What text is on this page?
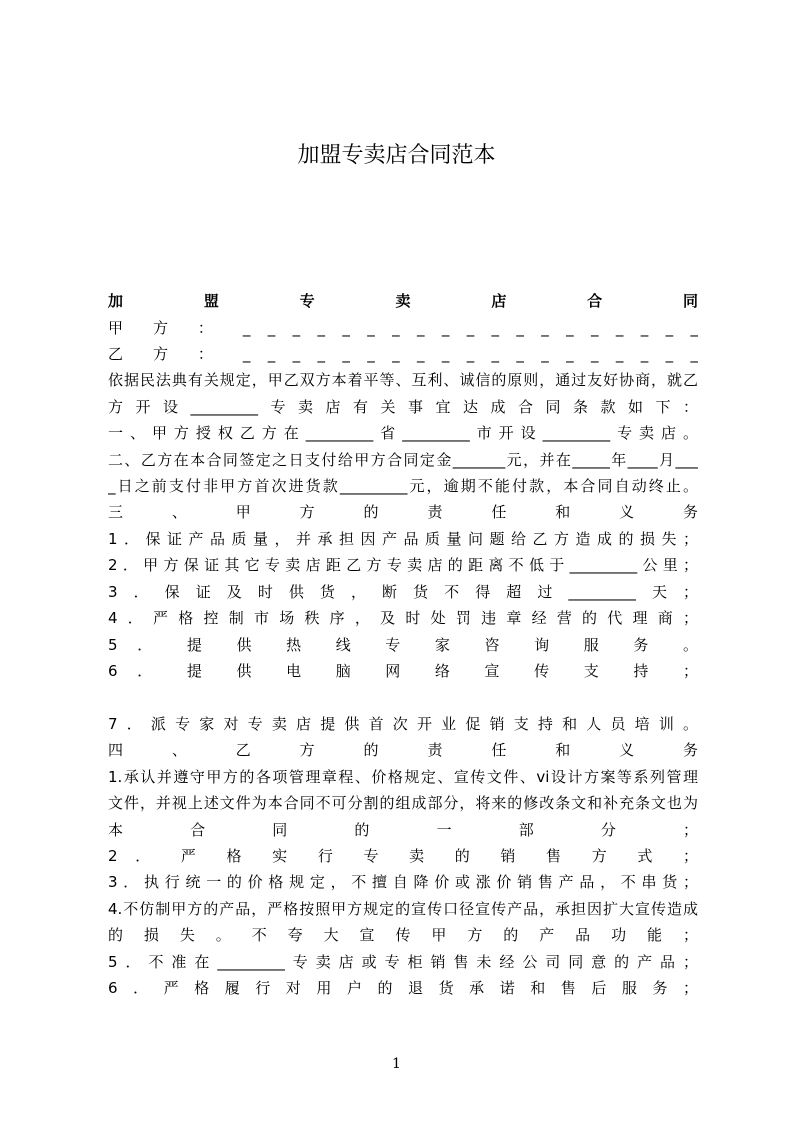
加盟专卖店合同范本
加 盟 专 卖 店 合 同
甲 方 ： _ _ _ _ _ _ _ _ _ _ _ _ _ _ _ _ _ _ _
乙 方 ： _ _ _ _ _ _ _ _ _ _ _ _ _ _ _ _ _ _ _
依据民法典有关规定，甲乙双方本着平等、互利、诚信的原则，通过友好协商，就乙
方开设_________专卖店有关事宜达成合同条款如下：
一、甲方授权乙方在_________省_________市开设_________专卖店。
二、乙方在本合同签定之日支付给甲方合同定金_______元，并在_____年____月___
_日之前支付非甲方首次进货款_________元，逾期不能付款，本合同自动终止。
三 、 甲 方 的 责 任 和 义 务
1．保证产品质量，并承担因产品质量问题给乙方造成的损失；
2．甲方保证其它专卖店距乙方专卖店的距离不低于_________公里；
3．保证及时供货，断货不得超过_________天；
4．严格控制市场秩序，及时处罚违章经营的代理商；
5 ． 提 供 热 线 专 家 咨 询 服 务 。
6 ． 提 供 电 脑 网 络 宣 传 支 持 ；
7．派专家对专卖店提供首次开业促销支持和人员培训。
四 、 乙 方 的 责 任 和 义 务
1.承认并遵守甲方的各项管理章程、价格规定、宣传文件、vi设计方案等系列管理
文件，并视上述文件为本合同不可分割的组成部分，将来的修改条文和补充条文也为
本 合 同 的 一 部 分 ；
2 ． 严 格 实 行 专 卖 的 销 售 方 式 ；
3．执行统一的价格规定，不擅自降价或涨价销售产品，不串货；
4.不仿制甲方的产品，严格按照甲方规定的宣传口径宣传产品，承担因扩大宣传造成
的损失。不夸大宣传甲方的产品功能；
5．不准在_________专卖店或专柜销售未经公司同意的产品；
6．严格履行对用户的退货承诺和售后服务；
1
